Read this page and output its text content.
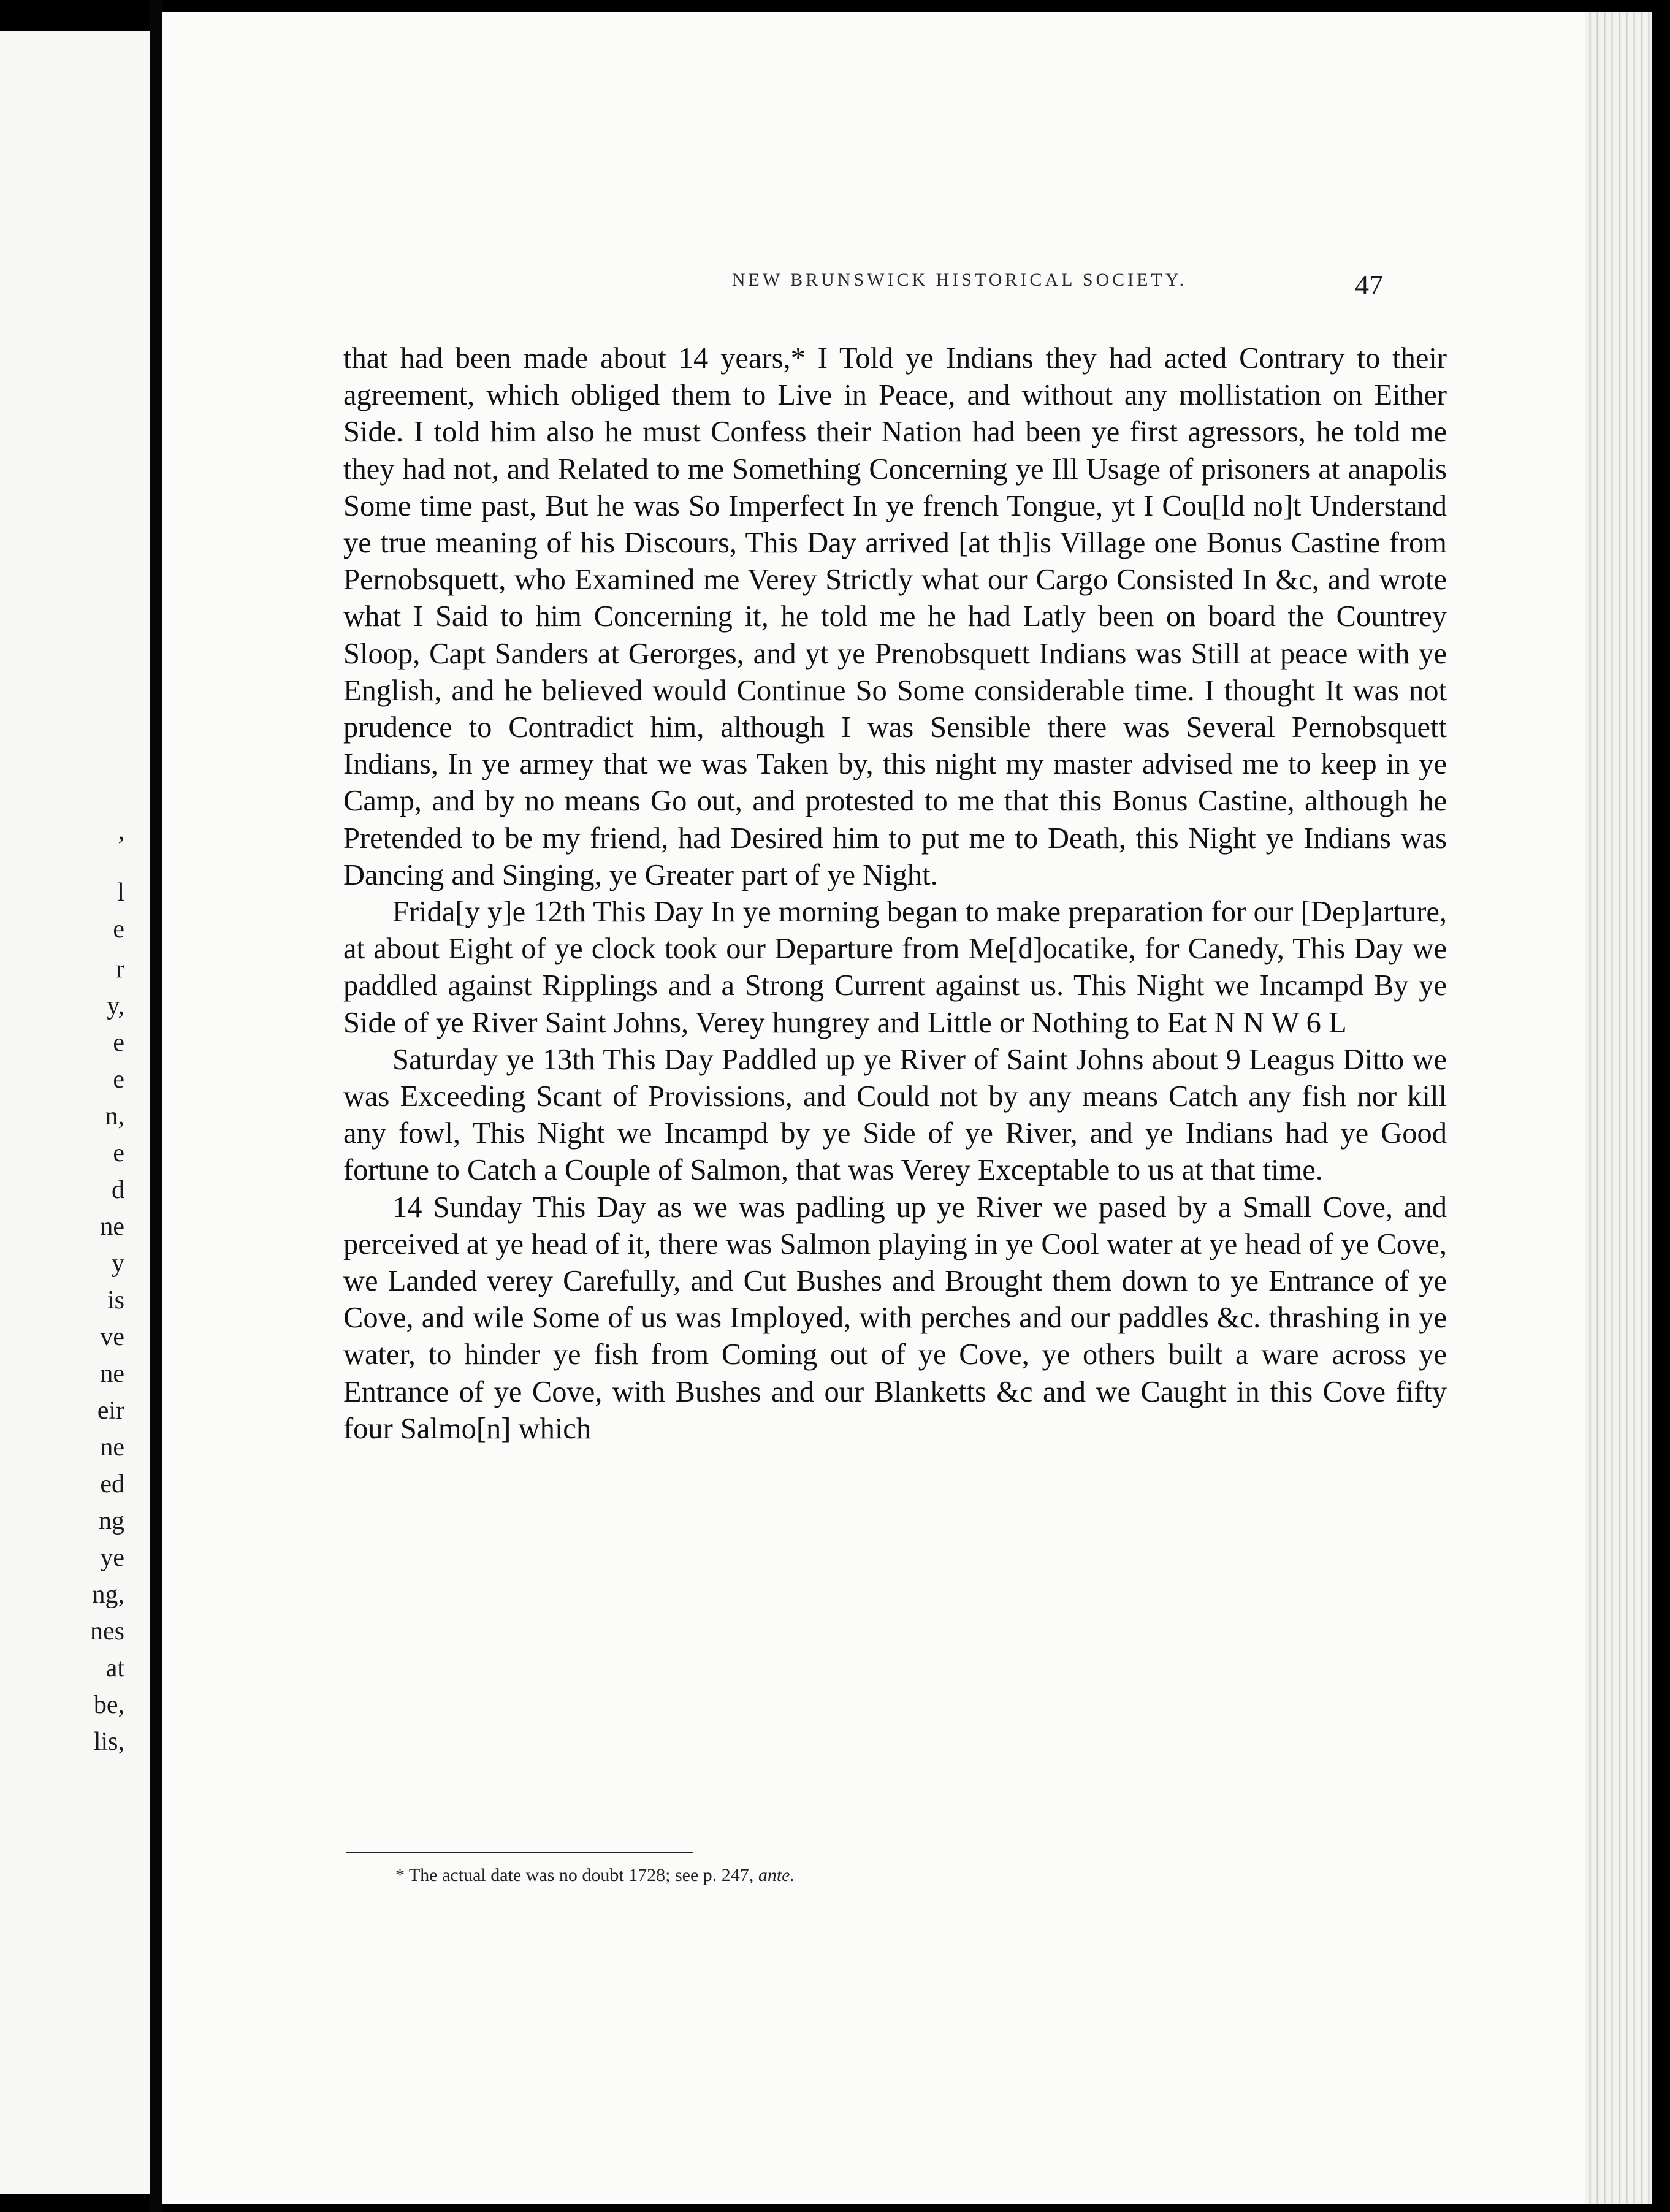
,
l
e
r
y,
e
e
n,
e
d
ne
y
is
ve
ne
eir
ne
ed
ng
ye
ng,
nes
at
be,
lis,
NEW BRUNSWICK HISTORICAL SOCIETY.	47

that had been made about 14 years,* I Told ye Indians they had acted Contrary to their agreement, which obliged them to Live in Peace, and without any mollistation on Either Side. I told him also he must Confess their Nation had been ye first agressors, he told me they had not, and Related to me Something Concerning ye Ill Usage of prisoners at anapolis Some time past, But he was So Imperfect In ye french Tongue, yt I Cou[ld no]t Understand ye true meaning of his Discours, This Day arrived [at th]is Village one Bonus Castine from Pernobsquett, who Examined me Verey Strictly what our Cargo Consisted In &c, and wrote what I Said to him Concerning it, he told me he had Latly been on board the Countrey Sloop, Capt Sanders at Gerorges, and yt ye Prenobsquett Indians was Still at peace with ye English, and he believed would Continue So Some considerable time. I thought It was not prudence to Contradict him, although I was Sensible there was Several Pernobsquett Indians, In ye armey that we was Taken by, this night my master advised me to keep in ye Camp, and by no means Go out, and protested to me that this Bonus Castine, although he Pretended to be my friend, had Desired him to put me to Death, this Night ye Indians was Dancing and Singing, ye Greater part of ye Night.

Frida[y y]e 12th This Day In ye morning began to make preparation for our [Dep]arture, at about Eight of ye clock took our Departure from Me[d]ocatike, for Canedy, This Day we paddled against Ripplings and a Strong Current against us. This Night we Incampd By ye Side of ye River Saint Johns, Verey hungrey and Little or Nothing to Eat N N W 6 L

Saturday ye 13th This Day Paddled up ye River of Saint Johns about 9 Leagus Ditto we was Exceeding Scant of Provissions, and Could not by any means Catch any fish nor kill any fowl, This Night we Incampd by ye Side of ye River, and ye Indians had ye Good fortune to Catch a Couple of Salmon, that was Verey Exceptable to us at that time.

14 Sunday This Day as we was padling up ye River we pased by a Small Cove, and perceived at ye head of it, there was Salmon playing in ye Cool water at ye head of ye Cove, we Landed verey Carefully, and Cut Bushes and Brought them down to ye Entrance of ye Cove, and wile Some of us was Imployed, with perches and our paddles &c. thrashing in ye water, to hinder ye fish from Coming out of ye Cove, ye others built a ware across ye Entrance of ye Cove, with Bushes and our Blanketts &c and we Caught in this Cove fifty four Salmo[n] which

* The actual date was no doubt 1728; see p. 247, ante.
